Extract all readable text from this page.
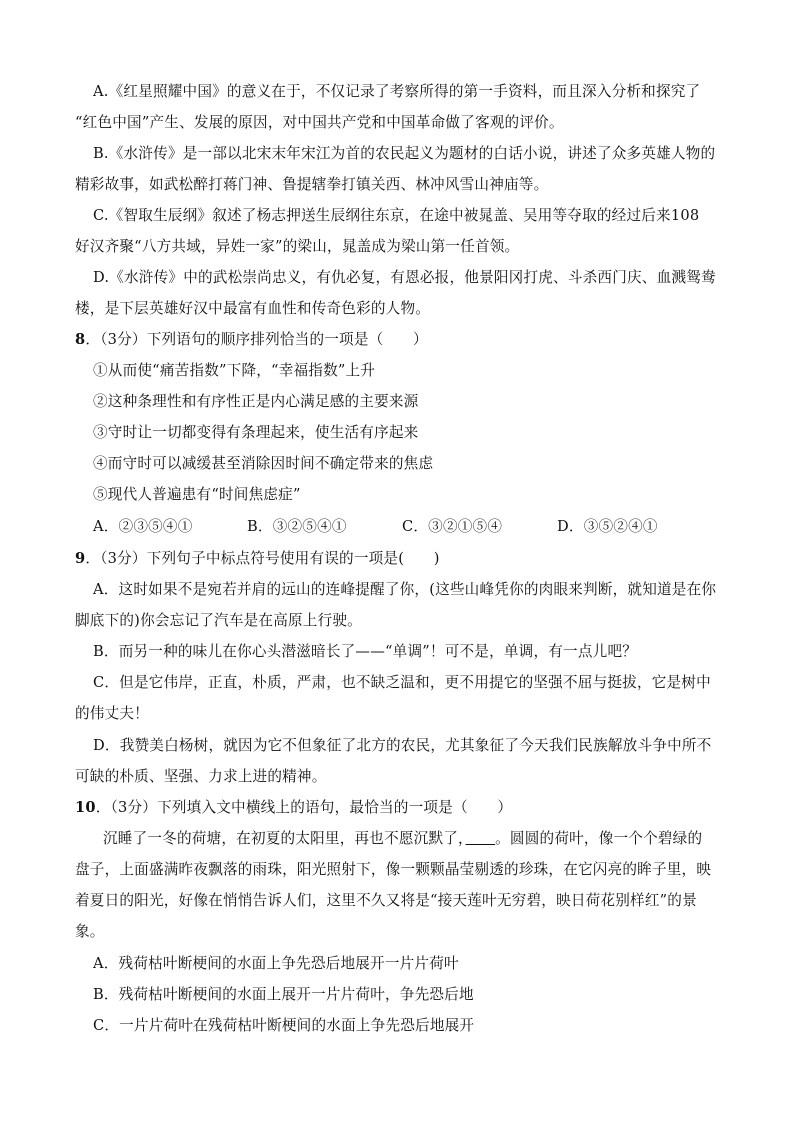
A.《红星照耀中国》的意义在于，不仅记录了考察所得的第一手资料，而且深入分析和探究了
“红色中国”产生、发展的原因，对中国共产党和中国革命做了客观的评价。
B.《水浒传》是一部以北宋末年宋江为首的农民起义为题材的白话小说，讲述了众多英雄人物的
精彩故事，如武松醉打蒋门神、鲁提辖拳打镇关西、林冲风雪山神庙等。
C.《智取生辰纲》叙述了杨志押送生辰纲往东京，在途中被晁盖、吴用等夺取的经过后来108
好汉齐聚“八方共域，异姓一家”的梁山，晁盖成为梁山第一任首领。
D.《水浒传》中的武松崇尚忠义，有仇必复，有恩必报，他景阳冈打虎、斗杀西门庆、血溅鸳鸯
楼，是下层英雄好汉中最富有血性和传奇色彩的人物。
8．（3分）下列语句的顺序排列恰当的一项是（　　）
①从而使“痛苦指数”下降，“幸福指数”上升
②这种条理性和有序性正是内心满足感的主要来源
③守时让一切都变得有条理起来，使生活有序起来
④而守时可以减缓甚至消除因时间不确定带来的焦虑
⑤现代人普遍患有“时间焦虑症”
A．②③⑤④①	B．③②⑤④①	C．③②①⑤④	D．③⑤②④①
9．（3分）下列句子中标点符号使用有误的一项是(　　)
A．这时如果不是宛若并肩的远山的连峰提醒了你，(这些山峰凭你的肉眼来判断，就知道是在你
脚底下的)你会忘记了汽车是在高原上行驶。
B．而另一种的味儿在你心头潜滋暗长了——“单调”！可不是，单调，有一点儿吧？
C．但是它伟岸，正直，朴质，严肃，也不缺乏温和，更不用提它的坚强不屈与挺拔，它是树中
的伟丈夫！
D．我赞美白杨树，就因为它不但象征了北方的农民，尤其象征了今天我们民族解放斗争中所不
可缺的朴质、坚强、力求上进的精神。
10．（3分）下列填入文中横线上的语句，最恰当的一项是（　　）
沉睡了一冬的荷塘，在初夏的太阳里，再也不愿沉默了，　　 。圆圆的荷叶，像一个个碧绿的
盘子，上面盛满昨夜飘落的雨珠，阳光照射下，像一颗颗晶莹剔透的珍珠，在它闪亮的眸子里，映
着夏日的阳光，好像在悄悄告诉人们，这里不久又将是“接天莲叶无穷碧，映日荷花别样红”的景
象。
A．残荷枯叶断梗间的水面上争先恐后地展开一片片荷叶
B．残荷枯叶断梗间的水面上展开一片片荷叶，争先恐后地
C．一片片荷叶在残荷枯叶断梗间的水面上争先恐后地展开
